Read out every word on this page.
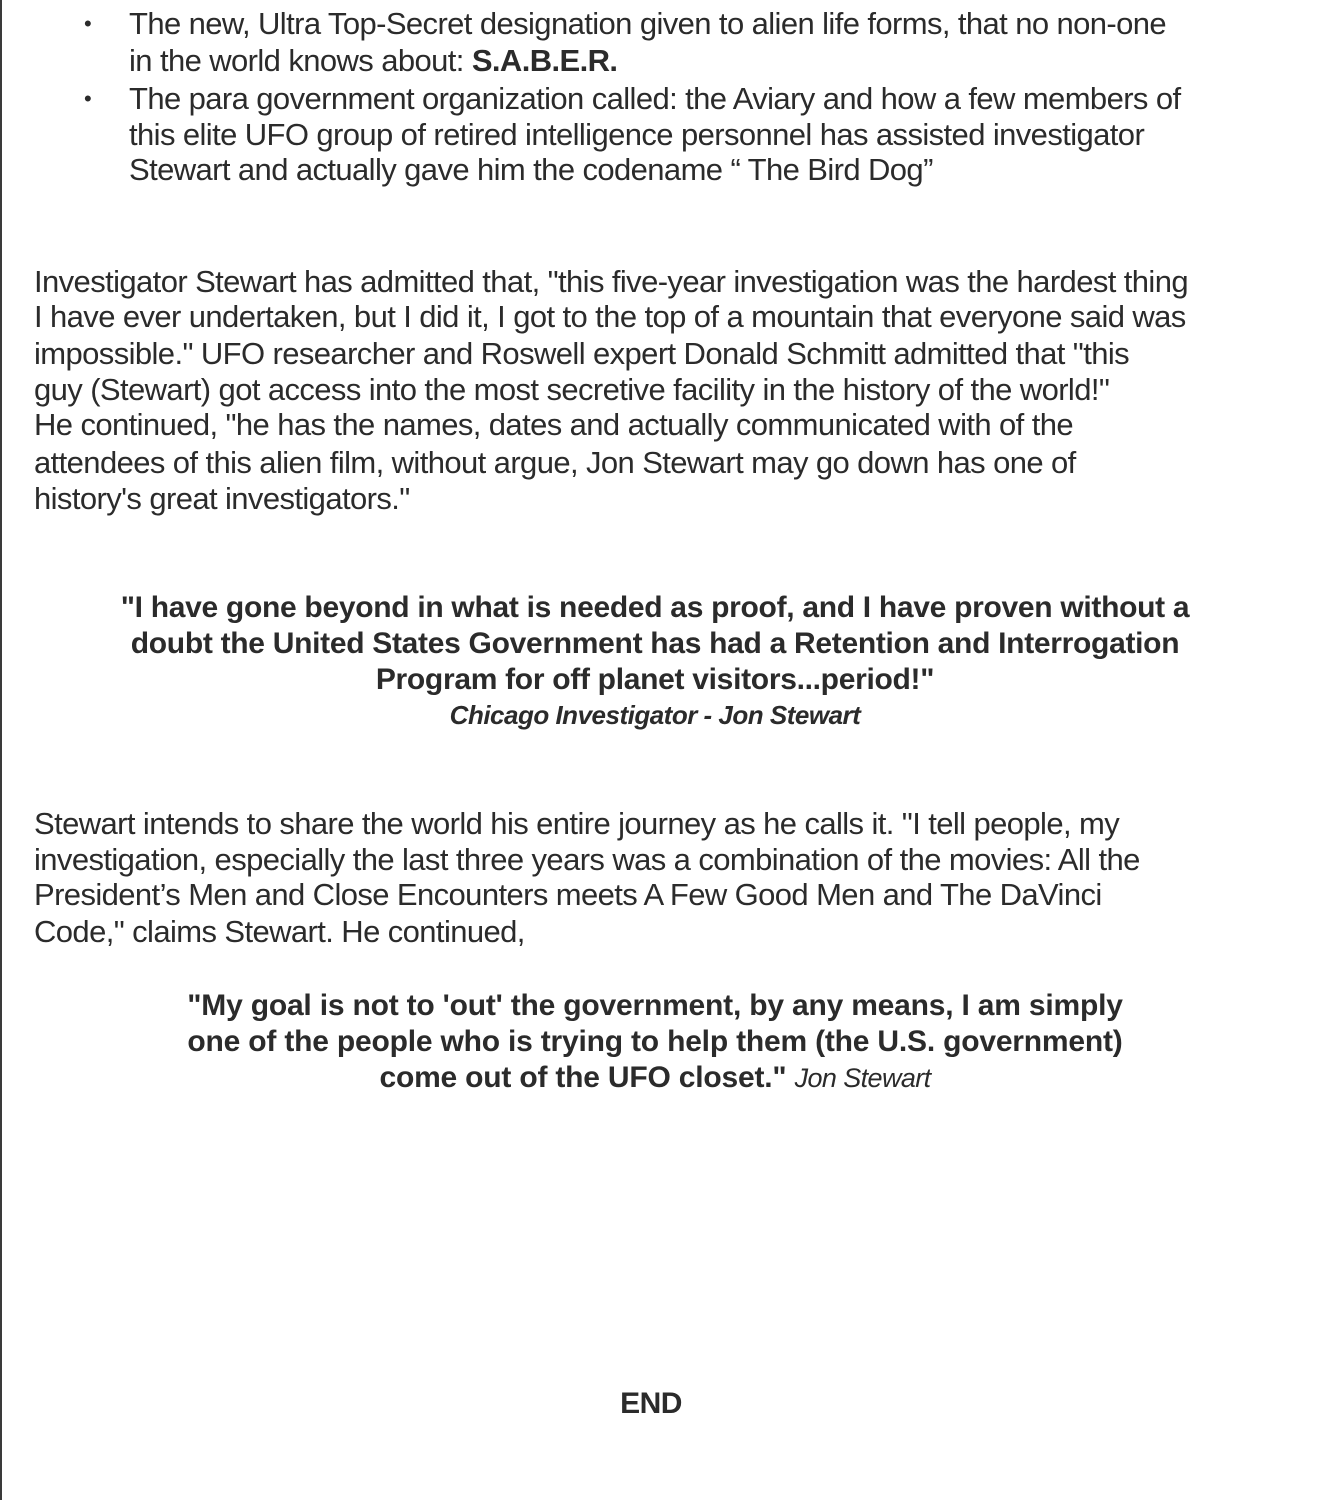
• The new, Ultra Top-Secret designation given to alien life forms, that no non-one
in the world knows about: S.A.B.E.R.
• The para government organization called: the Aviary and how a few members of
this elite UFO group of retired intelligence personnel has assisted investigator
Stewart and actually gave him the codename “ The Bird Dog”
Investigator Stewart has admitted that, "this five-year investigation was the hardest thing
I have ever undertaken, but I did it, I got to the top of a mountain that everyone said was
impossible." UFO researcher and Roswell expert Donald Schmitt admitted that "this
guy (Stewart) got access into the most secretive facility in the history of the world!"
He continued, "he has the names, dates and actually communicated with of the
attendees of this alien film, without argue, Jon Stewart may go down has one of
history's great investigators."
"I have gone beyond in what is needed as proof, and I have proven without a
doubt the United States Government has had a Retention and Interrogation
Program for off planet visitors...period!"
Chicago Investigator - Jon Stewart
Stewart intends to share the world his entire journey as he calls it. "I tell people, my
investigation, especially the last three years was a combination of the movies: All the
President’s Men and Close Encounters meets A Few Good Men and The DaVinci
Code," claims Stewart. He continued,
"My goal is not to 'out' the government, by any means, I am simply
one of the people who is trying to help them (the U.S. government)
come out of the UFO closet." Jon Stewart
END
